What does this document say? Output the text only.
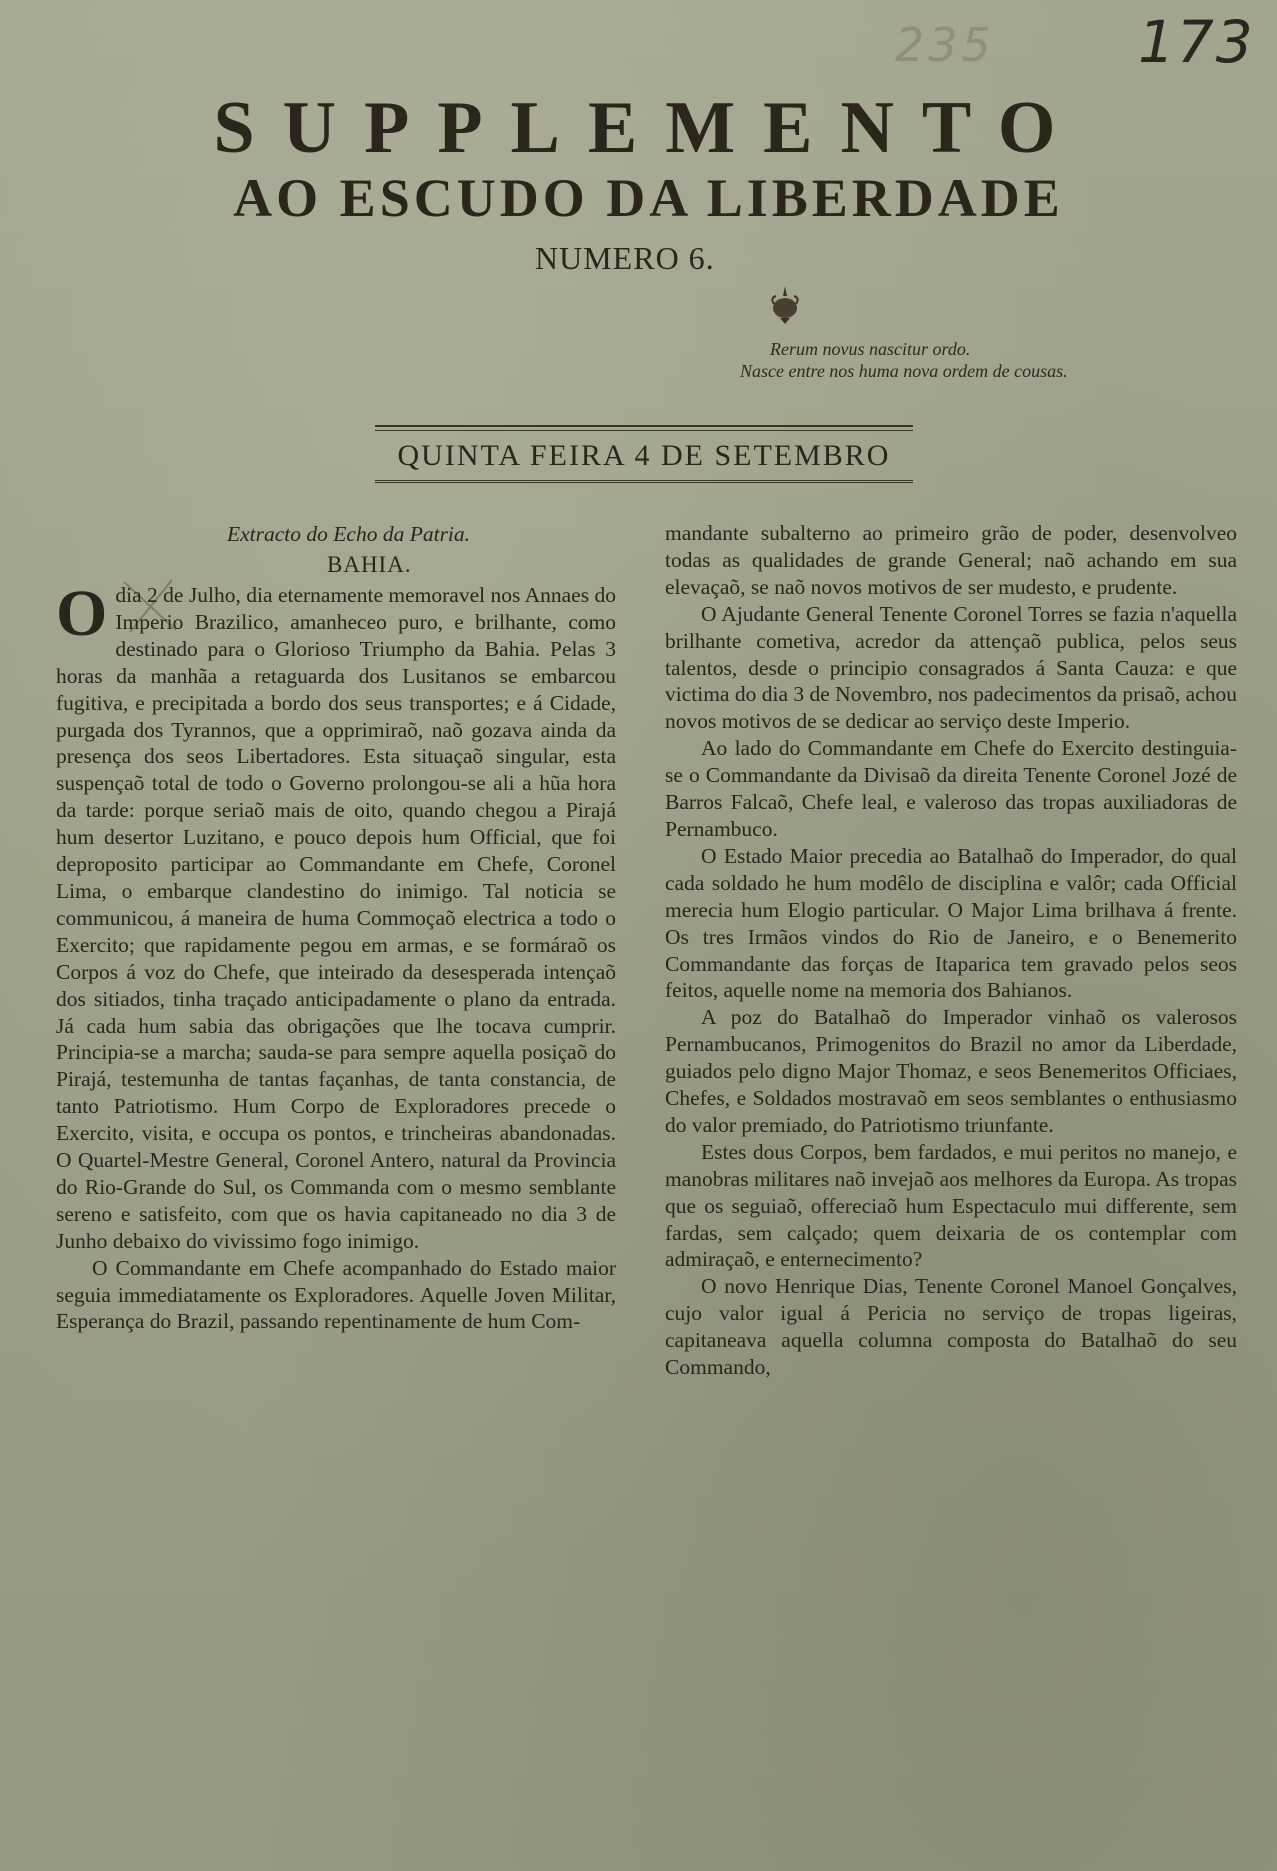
235 173
SUPPLEMENTO
AO ESCUDO DA LIBERDADE
NUMERO 6.
Rerum novus nascitur ordo.
Nasce entre nos huma nova ordem de cousas.
QUINTA FEIRA 4 DE SETEMBRO

Extracto do Echo da Patria.

BAHIA.

O dia 2 de Julho, dia eternamente memoravel nos Annaes do Imperio Brazilico, amanheceo puro, e brilhante, como destinado para o Glorioso Triumpho da Bahia. Pelas 3 horas da manhãa a retaguarda dos Lusitanos se embarcou fugitiva, e precipitada a bordo dos seus transportes; e á Cidade, purgada dos Tyrannos, que a opprimiraõ, naõ gozava ainda da presença dos seos Libertadores. Esta situaçaõ singular, esta suspençaõ total de todo o Governo prolongou-se ali a hũa hora da tarde: porque seriaõ mais de oito, quando chegou a Pirajá hum desertor Luzitano, e pouco depois hum Official, que foi deproposito participar ao Commandante em Chefe, Coronel Lima, o embarque clandestino do inimigo. Tal noticia se communicou, á maneira de huma Commoçaõ electrica a todo o Exercito; que rapidamente pegou em armas, e se formáraõ os Corpos á voz do Chefe, que inteirado da desesperada intençaõ dos sitiados, tinha traçado anticipadamente o plano da entrada. Já cada hum sabia das obrigações que lhe tocava cumprir. Principia-se a marcha; sauda-se para sempre aquella posiçaõ do Pirajá, testemunha de tantas façanhas, de tanta constancia, de tanto Patriotismo. Hum Corpo de Exploradores precede o Exercito, visita, e occupa os pontos, e trincheiras abandonadas. O Quartel-Mestre General, Coronel Antero, natural da Provincia do Rio-Grande do Sul, os Commanda com o mesmo semblante sereno e satisfeito, com que os havia capitaneado no dia 3 de Junho debaixo do vivissimo fogo inimigo.

O Commandante em Chefe acompanhado do Estado maior seguia immediatamente os Exploradores. Aquelle Joven Militar, Esperança do Brazil, passando repentinamente de hum Com-

mandante subalterno ao primeiro grão de poder, desenvolveo todas as qualidades de grande General; naõ achando em sua elevaçaõ, se naõ novos motivos de ser mudesto, e prudente.

O Ajudante General Tenente Coronel Torres se fazia n'aquella brilhante cometiva, acredor da attençaõ publica, pelos seus talentos, desde o principio consagrados á Santa Cauza: e que victima do dia 3 de Novembro, nos padecimentos da prisaõ, achou novos motivos de se dedicar ao serviço deste Imperio.

Ao lado do Commandante em Chefe do Exercito destinguia-se o Commandante da Divisaõ da direita Tenente Coronel Jozé de Barros Falcaõ, Chefe leal, e valeroso das tropas auxiliadoras de Pernambuco.

O Estado Maior precedia ao Batalhaõ do Imperador, do qual cada soldado he hum modêlo de disciplina e valôr; cada Official merecia hum Elogio particular. O Major Lima brilhava á frente. Os tres Irmãos vindos do Rio de Janeiro, e o Benemerito Commandante das forças de Itaparica tem gravado pelos seos feitos, aquelle nome na memoria dos Bahianos.

A poz do Batalhaõ do Imperador vinhaõ os valerosos Pernambucanos, Primogenitos do Brazil no amor da Liberdade, guiados pelo digno Major Thomaz, e seos Benemeritos Officiaes, Chefes, e Soldados mostravaõ em seos semblantes o enthusiasmo do valor premiado, do Patriotismo triunfante.

Estes dous Corpos, bem fardados, e mui peritos no manejo, e manobras militares naõ invejaõ aos melhores da Europa. As tropas que os seguiaõ, offereciaõ hum Espectaculo mui differente, sem fardas, sem calçado; quem deixaria de os contemplar com admiraçaõ, e enternecimento?

O novo Henrique Dias, Tenente Coronel Manoel Gonçalves, cujo valor igual á Pericia no serviço de tropas ligeiras, capitaneava aquella columna composta do Batalhaõ do seu Commando,
